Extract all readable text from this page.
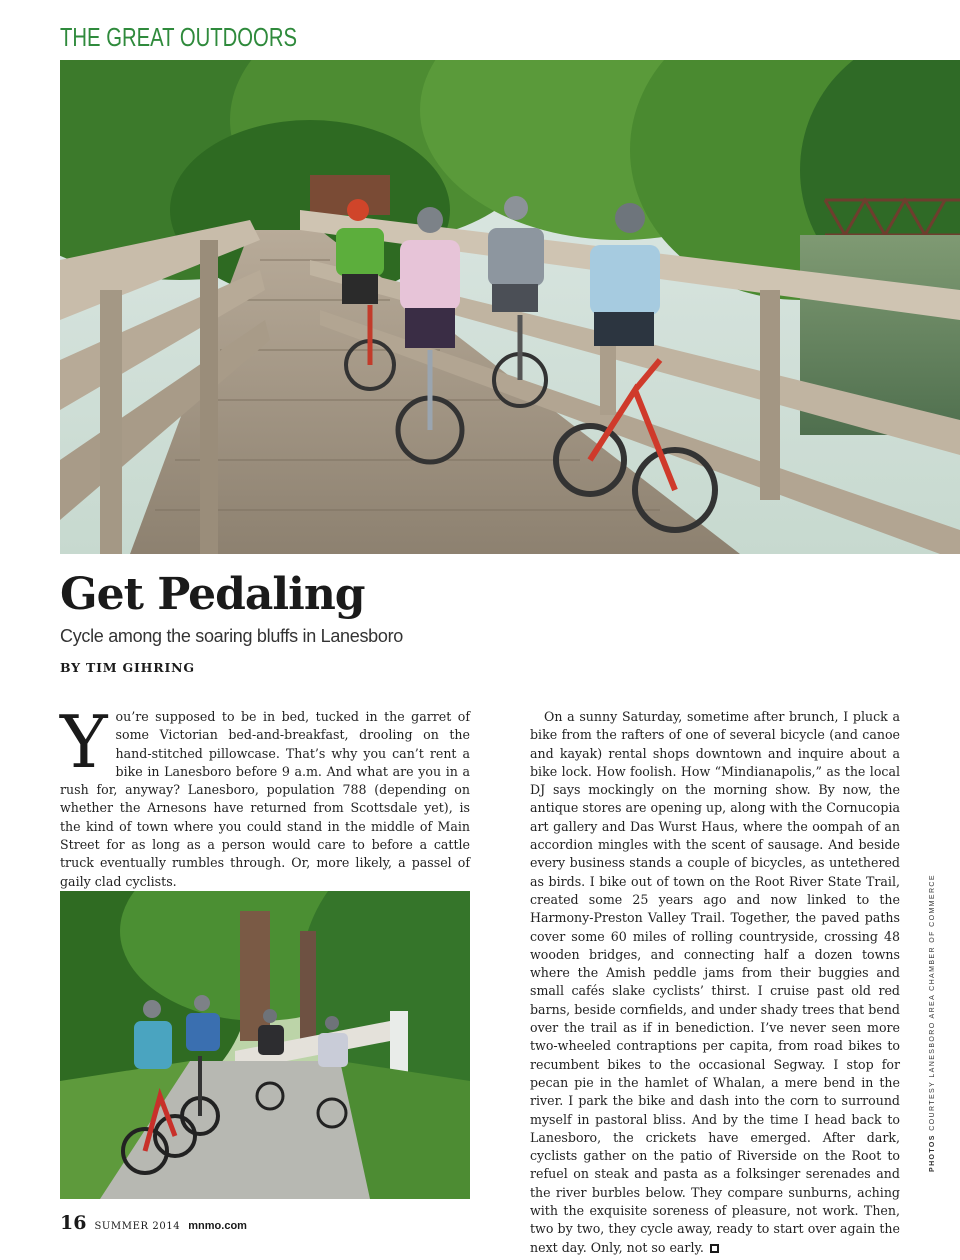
THE GREAT OUTDOORS
Get Pedaling
Cycle among the soaring bluffs in Lanesboro
BY TIM GIHRING

You’re supposed to be in bed, tucked in the garret of some Victorian bed-and-breakfast, drooling on the hand-stitched pillowcase. That’s why you can’t rent a bike in Lanesboro before 9 a.m. And what are you in a rush for, anyway? Lanesboro, population 788 (depending on whether the Arnesons have returned from Scottsdale yet), is the kind of town where you could stand in the middle of Main Street for as long as a person would care to before a cattle truck eventually rumbles through. Or, more likely, a passel of gaily clad cyclists.

On a sunny Saturday, sometime after brunch, I pluck a bike from the rafters of one of several bicycle (and canoe and kayak) rental shops downtown and inquire about a bike lock. How foolish. How “Mindianapolis,” as the local DJ says mockingly on the morning show. By now, the antique stores are opening up, along with the Cornucopia art gallery and Das Wurst Haus, where the oompah of an accordion mingles with the scent of sausage. And beside every business stands a couple of bicycles, as untethered as birds. I bike out of town on the Root River State Trail, created some 25 years ago and now linked to the Harmony-Preston Valley Trail. Together, the paved paths cover some 60 miles of rolling countryside, crossing 48 wooden bridges, and connecting half a dozen towns where the Amish peddle jams from their buggies and small cafés slake cyclists’ thirst. I cruise past old red barns, beside cornfields, and under shady trees that bend over the trail as if in benediction. I’ve never seen more two-wheeled contraptions per capita, from road bikes to recumbent bikes to the occasional Segway. I stop for pecan pie in the hamlet of Whalan, a mere bend in the river. I park the bike and dash into the corn to surround myself in pastoral bliss. And by the time I head back to Lanesboro, the crickets have emerged. After dark, cyclists gather on the patio of Riverside on the Root to refuel on steak and pasta as a folksinger serenades and the river burbles below. They compare sunburns, aching with the exquisite soreness of pleasure, not work. Then, two by two, they cycle away, ready to start over again the next day. Only, not so early.

PHOTOS COURTESY LANESBORO AREA CHAMBER OF COMMERCE
16 SUMMER 2014 mnmo.com
